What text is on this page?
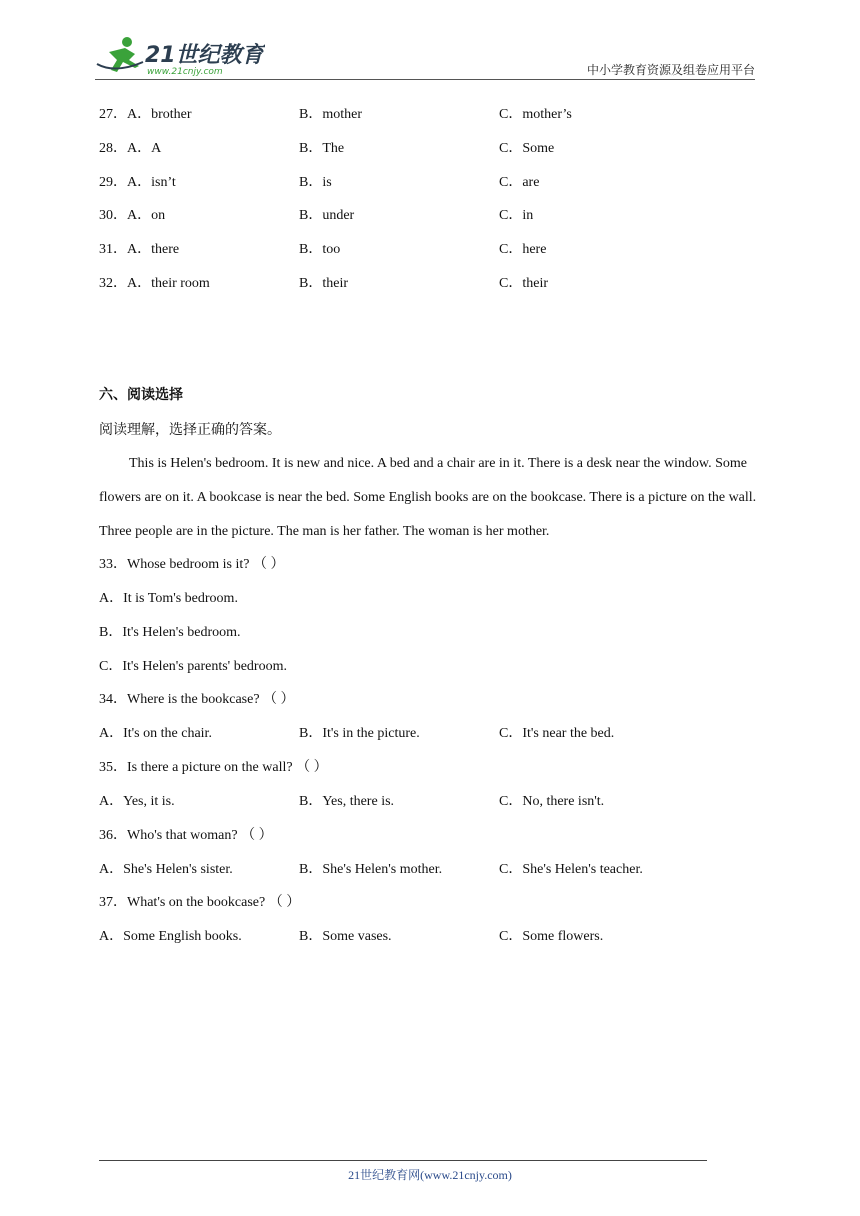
21世纪教育
www.21cnjy.com	中小学教育资源及组卷应用平台
27．A．brother	B．mother	C．mother’s
28．A．A	B．The	C．Some
29．A．isn’t	B．is	C．are
30．A．on	B．under	C．in
31．A．there	B．too	C．here
32．A．their room	B．their	C．their
六、阅读选择
阅读理解，选择正确的答案。
This is Helen's bedroom. It is new and nice. A bed and a chair are in it. There is a desk near the window. Some flowers are on it. A bookcase is near the bed. Some English books are on the bookcase. There is a picture on the wall. Three people are in the picture. The man is her father. The woman is her mother.
33．Whose bedroom is it? （ ）
A．It is Tom's bedroom.
B．It's Helen's bedroom.
C．It's Helen's parents' bedroom.
34．Where is the bookcase? （ ）
A．It's on the chair.	B．It's in the picture.	C．It's near the bed.
35．Is there a picture on the wall? （ ）
A．Yes, it is.	B．Yes, there is.	C．No, there isn't.
36．Who's that woman? （ ）
A．She's Helen's sister.	B．She's Helen's mother.	C．She's Helen's teacher.
37．What's on the bookcase? （ ）
A．Some English books.	B．Some vases.	C．Some flowers.
21世纪教育网(www.21cnjy.com)
